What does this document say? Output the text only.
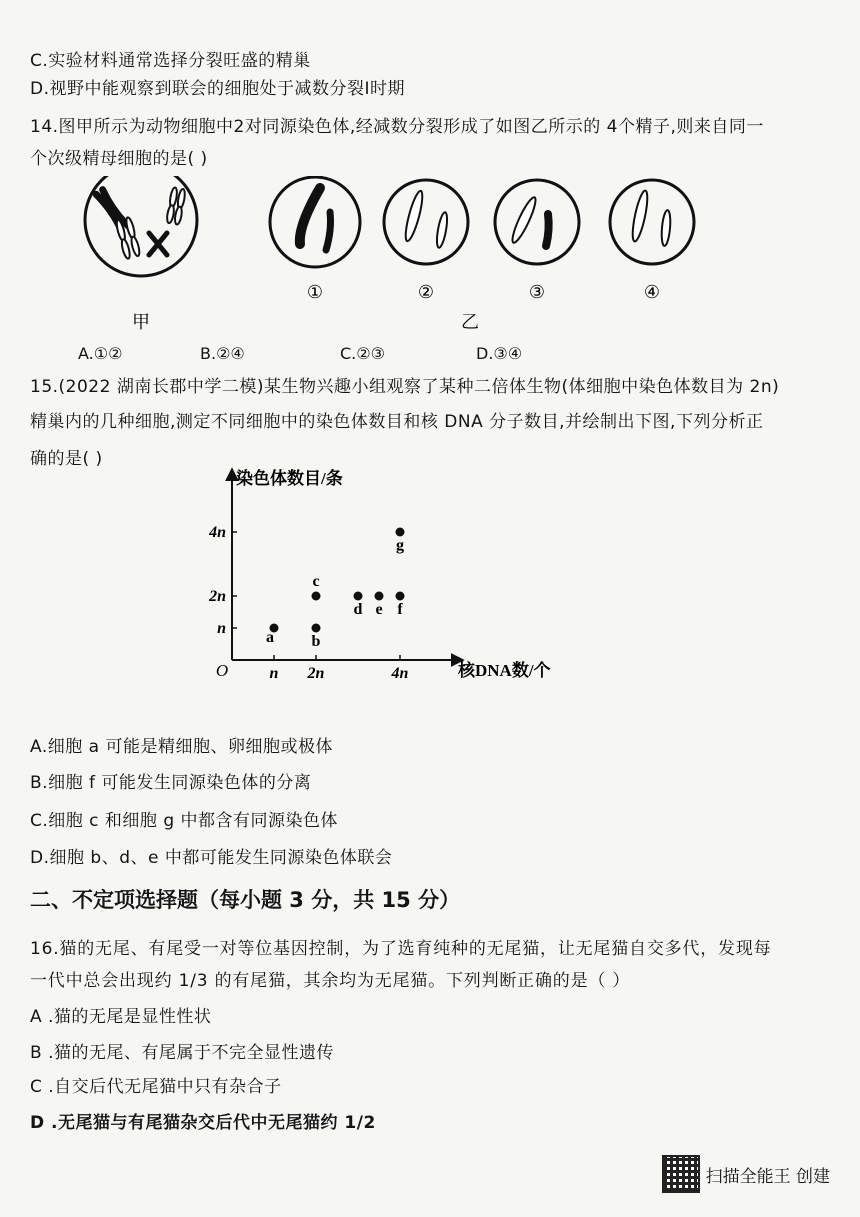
C.实验材料通常选择分裂旺盛的精巢
D.视野中能观察到联会的细胞处于减数分裂Ⅰ时期
14.图甲所示为动物细胞中2对同源染色体,经减数分裂形成了如图乙所示的 4个精子,则来自同一
个次级精母细胞的是( )
①	②	③	④
甲	乙
A.①②	B.②④	C.②③	D.③④
15.(2022 湖南长郡中学二模)某生物兴趣小组观察了某种二倍体生物(体细胞中染色体数目为 2n)
精巢内的几种细胞,测定不同细胞中的染色体数目和核 DNA 分子数目,并绘制出下图,下列分析正
确的是( )
染色体数目/条
核DNA数/个
O	n 2n	4n
n
2n
4n
a b
c
d e f
g
A.细胞 a 可能是精细胞、卵细胞或极体
B.细胞 f 可能发生同源染色体的分离
C.细胞 c 和细胞 g 中都含有同源染色体
D.细胞 b、d、e 中都可能发生同源染色体联会
二、不定项选择题（每小题 3 分，共 15 分）
16.猫的无尾、有尾受一对等位基因控制，为了选育纯种的无尾猫，让无尾猫自交多代，发现每
一代中总会出现约 1/3 的有尾猫，其余均为无尾猫。下列判断正确的是（ ）
A .猫的无尾是显性性状
B .猫的无尾、有尾属于不完全显性遗传
C .自交后代无尾猫中只有杂合子
D .无尾猫与有尾猫杂交后代中无尾猫约 1/2
扫描全能王 创建
